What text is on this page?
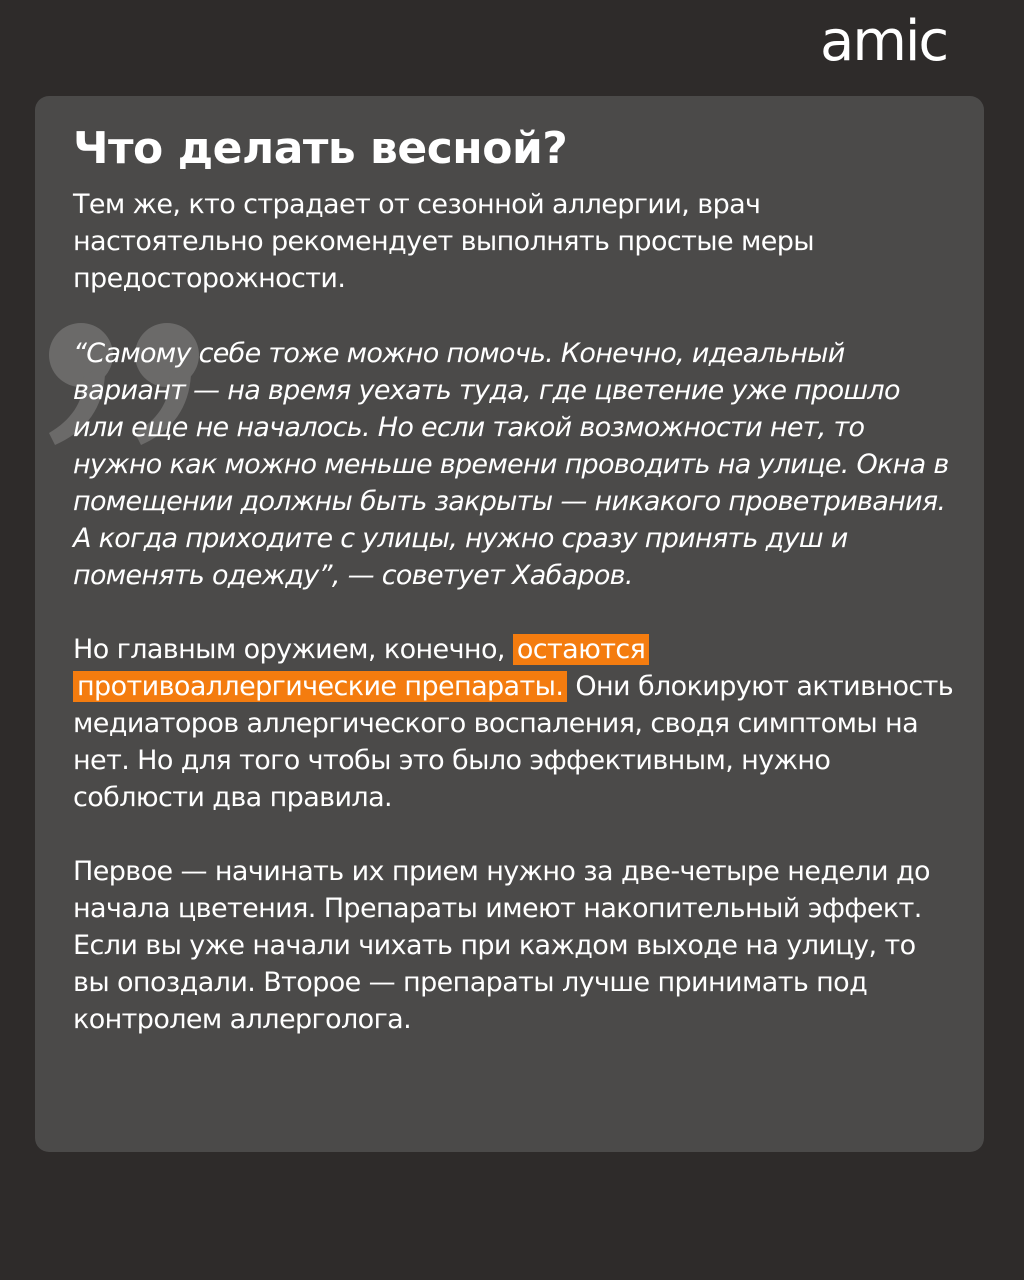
amic
Что делать весной?

Тем же, кто страдает от сезонной аллергии, врач настоятельно рекомендует выполнять простые меры предосторожности.

“Самому себе тоже можно помочь. Конечно, идеальный вариант — на время уехать туда, где цветение уже прошло или еще не началось. Но если такой возможности нет, то нужно как можно меньше времени проводить на улице. Окна в помещении должны быть закрыты — никакого проветривания. А когда приходите с улицы, нужно сразу принять душ и поменять одежду”, — советует Хабаров.

Но главным оружием, конечно, остаются противоаллергические препараты. Они блокируют активность медиаторов аллергического воспаления, сводя симптомы на нет. Но для того чтобы это было эффективным, нужно соблюсти два правила.

Первое — начинать их прием нужно за две-четыре недели до начала цветения. Препараты имеют накопительный эффект. Если вы уже начали чихать при каждом выходе на улицу, то вы опоздали. Второе — препараты лучше принимать под контролем аллерголога.
